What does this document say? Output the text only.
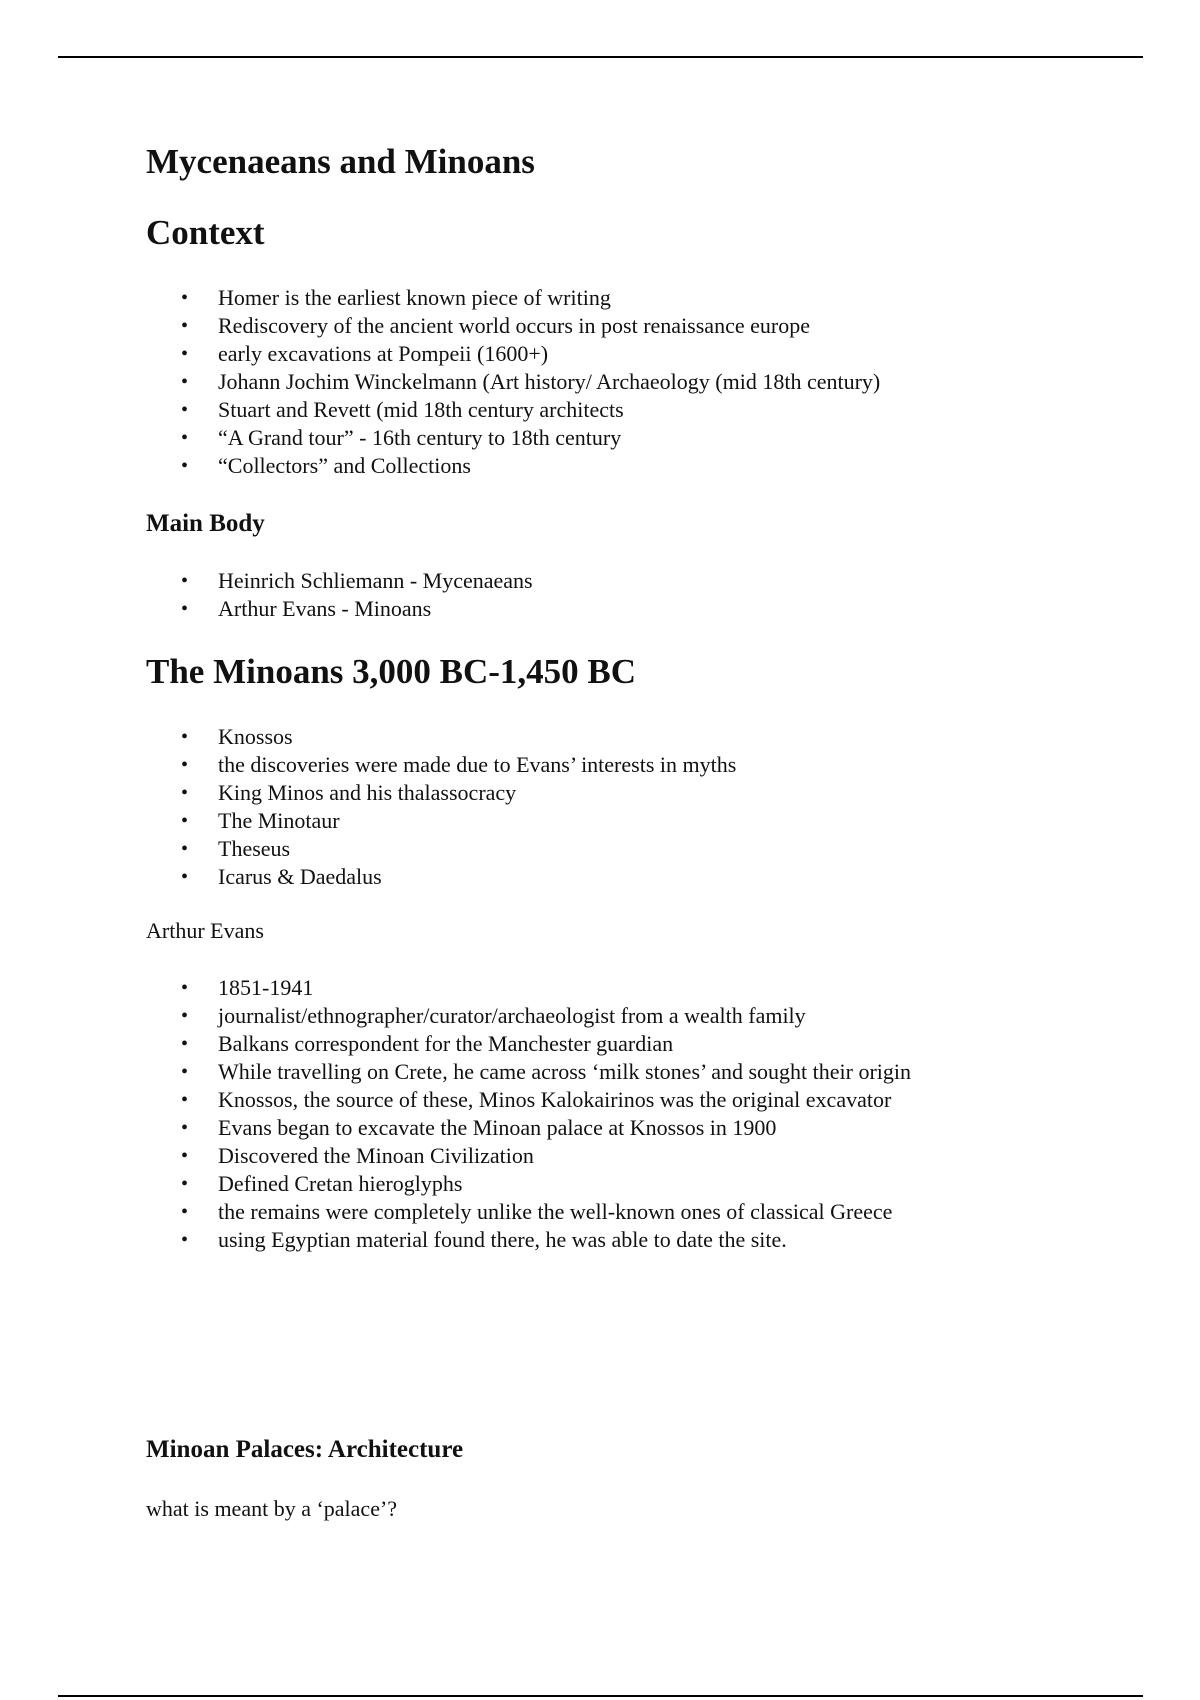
Mycenaeans and Minoans
Context
• Homer is the earliest known piece of writing
• Rediscovery of the ancient world occurs in post renaissance europe
• early excavations at Pompeii (1600+)
• Johann Jochim Winckelmann (Art history/ Archaeology (mid 18th century)
• Stuart and Revett (mid 18th century architects
• “A Grand tour” - 16th century to 18th century
• “Collectors” and Collections
Main Body
• Heinrich Schliemann - Mycenaeans
• Arthur Evans - Minoans
The Minoans 3,000 BC-1,450 BC
• Knossos
• the discoveries were made due to Evans’ interests in myths
• King Minos and his thalassocracy
• The Minotaur
• Theseus
• Icarus & Daedalus

Arthur Evans

• 1851-1941
• journalist/ethnographer/curator/archaeologist from a wealth family
• Balkans correspondent for the Manchester guardian
• While travelling on Crete, he came across ‘milk stones’ and sought their origin
• Knossos, the source of these, Minos Kalokairinos was the original excavator
• Evans began to excavate the Minoan palace at Knossos in 1900
• Discovered the Minoan Civilization
• Defined Cretan hieroglyphs
• the remains were completely unlike the well-known ones of classical Greece
• using Egyptian material found there, he was able to date the site.
Minoan Palaces: Architecture

what is meant by a ‘palace’?
